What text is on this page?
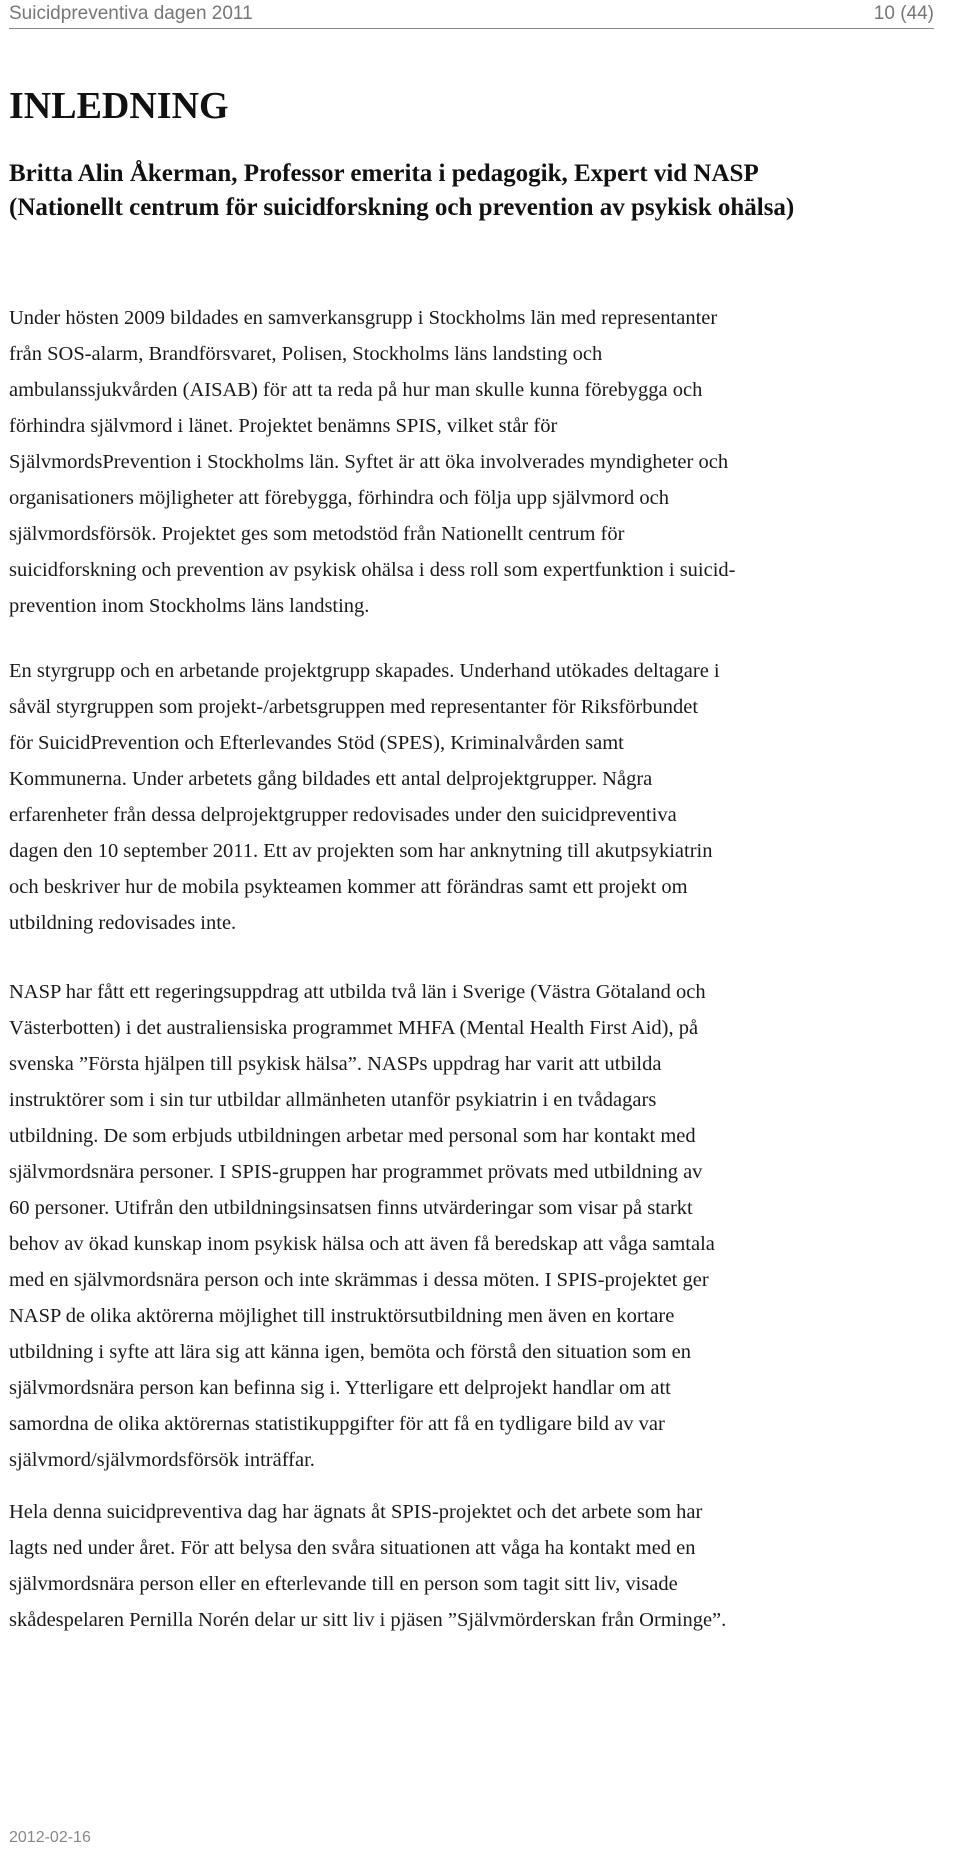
Suicidpreventiva dagen 2011	10 (44)
INLEDNING
Britta Alin Åkerman, Professor emerita i pedagogik, Expert vid NASP
(Nationellt centrum för suicidforskning och prevention av psykisk ohälsa)
Under hösten 2009 bildades en samverkansgrupp i Stockholms län med representanter
från SOS-alarm, Brandförsvaret, Polisen, Stockholms läns landsting och
ambulanssjukvården (AISAB) för att ta reda på hur man skulle kunna förebygga och
förhindra självmord i länet. Projektet benämns SPIS, vilket står för
SjälvmordsPrevention i Stockholms län. Syftet är att öka involverades myndigheter och
organisationers möjligheter att förebygga, förhindra och följa upp självmord och
självmordsförsök. Projektet ges som metodstöd från Nationellt centrum för
suicidforskning och prevention av psykisk ohälsa i dess roll som expertfunktion i suicid-
prevention inom Stockholms läns landsting.
En styrgrupp och en arbetande projektgrupp skapades. Underhand utökades deltagare i
såväl styrgruppen som projekt-/arbetsgruppen med representanter för Riksförbundet
för SuicidPrevention och Efterlevandes Stöd (SPES), Kriminalvården samt
Kommunerna. Under arbetets gång bildades ett antal delprojektgrupper. Några
erfarenheter från dessa delprojektgrupper redovisades under den suicidpreventiva
dagen den 10 september 2011. Ett av projekten som har anknytning till akutpsykiatrin
och beskriver hur de mobila psykteamen kommer att förändras samt ett projekt om
utbildning redovisades inte.
NASP har fått ett regeringsuppdrag att utbilda två län i Sverige (Västra Götaland och
Västerbotten) i det australiensiska programmet MHFA (Mental Health First Aid), på
svenska ”Första hjälpen till psykisk hälsa”. NASPs uppdrag har varit att utbilda
instruktörer som i sin tur utbildar allmänheten utanför psykiatrin i en tvådagars
utbildning. De som erbjuds utbildningen arbetar med personal som har kontakt med
självmordsnära personer. I SPIS-gruppen har programmet prövats med utbildning av
60 personer. Utifrån den utbildningsinsatsen finns utvärderingar som visar på starkt
behov av ökad kunskap inom psykisk hälsa och att även få beredskap att våga samtala
med en självmordsnära person och inte skrämmas i dessa möten. I SPIS-projektet ger
NASP de olika aktörerna möjlighet till instruktörsutbildning men även en kortare
utbildning i syfte att lära sig att känna igen, bemöta och förstå den situation som en
självmordsnära person kan befinna sig i. Ytterligare ett delprojekt handlar om att
samordna de olika aktörernas statistikuppgifter för att få en tydligare bild av var
självmord/självmordsförsök inträffar.
Hela denna suicidpreventiva dag har ägnats åt SPIS-projektet och det arbete som har
lagts ned under året. För att belysa den svåra situationen att våga ha kontakt med en
självmordsnära person eller en efterlevande till en person som tagit sitt liv, visade
skådespelaren Pernilla Norén delar ur sitt liv i pjäsen ”Självmörderskan från Orminge”.
2012-02-16
